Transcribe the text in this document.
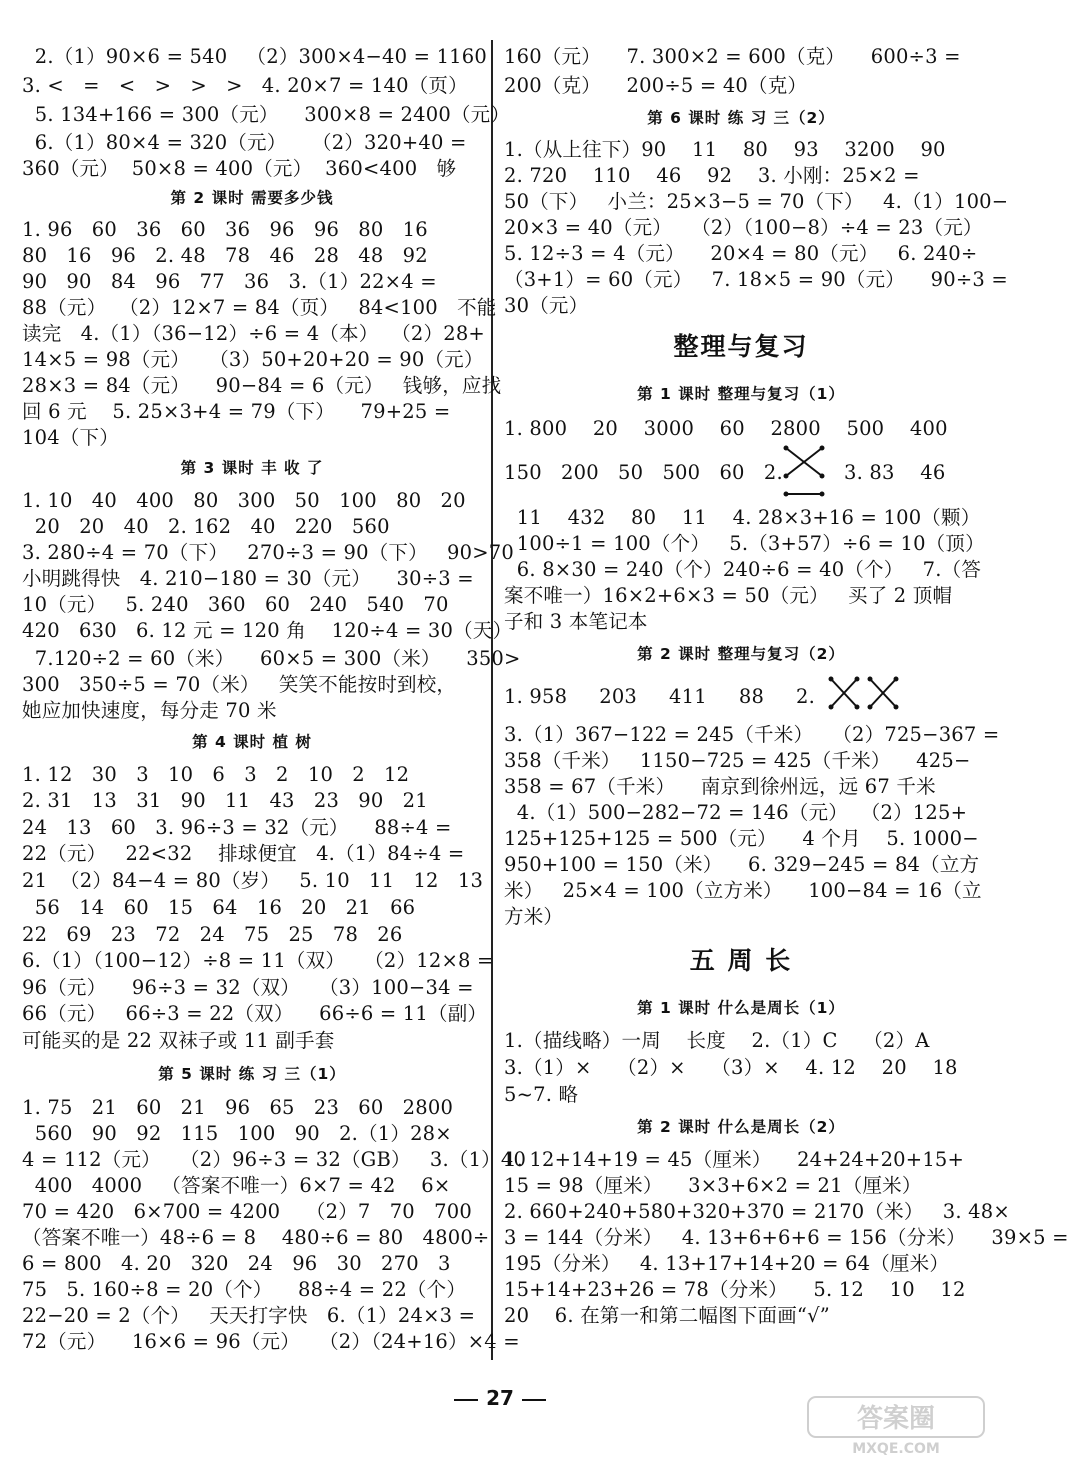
2.（1）90×6 = 540   （2）300×4−40 = 1160
3. <   =   <   >   >   >   4. 20×7 = 140（页）
5. 134+166 = 300（元）    300×8 = 2400（元）
6.（1）80×4 = 320（元）    （2）320+40 =
360（元）  50×8 = 400（元）  360<400   够
第 2 课时 需要多少钱
1. 96   60   36   60   36   96   96   80   16
80   16   96   2. 48   78   46   28   48   92
90   90   84   96   77   36   3.（1）22×4 =
88（元）  （2）12×7 = 84（页）   84<100   不能
读完   4.（1）（36−12）÷6 = 4（本）  （2）28+
14×5 = 98（元）   （3）50+20+20 = 90（元）
28×3 = 84（元）    90−84 = 6（元）   钱够，应找
回 6 元    5. 25×3+4 = 79（下）    79+25 =
104（下）
第 3 课时 丰 收 了
1. 10   40   400   80   300   50   100   80   20
20   20   40   2. 162   40   220   560
3. 280÷4 = 70（下）   270÷3 = 90（下）   90>70
小明跳得快   4. 210−180 = 30（元）    30÷3 =
10（元）   5. 240   360   60   240   540   70
420   630   6. 12 元 = 120 角    120÷4 = 30（天）
7.120÷2 = 60（米）    60×5 = 300（米）    350>
300   350÷5 = 70（米）   笑笑不能按时到校，
她应加快速度，每分走 70 米
第 4 课时 植 树
1. 12   30   3   10   6   3   2   10   2   12
2. 31   13   31   90   11   43   23   90   21
24   13   60   3. 96÷3 = 32（元）    88÷4 =
22（元）   22<32    排球便宜   4.（1）84÷4 =
21  （2）84−4 = 80（岁）   5. 10   11   12   13
56   14   60   15   64   16   20   21   66
22   69   23   72   24   75   25   78   26
6.（1）（100−12）÷8 = 11（双）   （2）12×8 =
96（元）    96÷3 = 32（双）   （3）100−34 =
66（元）   66÷3 = 22（双）    66÷6 = 11（副）
可能买的是 22 双袜子或 11 副手套
第 5 课时 练 习 三（1）
1. 75   21   60   21   96   65   23   60   2800
560   90   92   115   100   90   2.（1）28×
4 = 112（元）   （2）96÷3 = 32（GB）   3.（1）40
400   4000   （答案不唯一）6×7 = 42    6×
70 = 420   6×700 = 4200    （2）7   70   700
（答案不唯一）48÷6 = 8    480÷6 = 80   4800÷
6 = 800   4. 20   320   24   96   30   270   3
75   5. 160÷8 = 20（个）    88÷4 = 22（个）
22−20 = 2（个）   天天打字快   6.（1）24×3 =
72（元）    16×6 = 96（元）   （2）（24+16）×4 =
160（元）    7. 300×2 = 600（克）    600÷3 =
200（克）    200÷5 = 40（克）
第 6 课时 练 习 三（2）
1.（从上往下）90    11    80    93    3200    90
2. 720    110    46    92    3. 小刚：25×2 =
50（下）   小兰：25×3−5 = 70（下）   4.（1）100−
20×3 = 40（元）   （2）（100−8）÷4 = 23（元）
5. 12÷3 = 4（元）    20×4 = 80（元）   6. 240÷
（3+1）= 60（元）   7. 18×5 = 90（元）    90÷3 =
30（元）
整理与复习
第 1 课时 整理与复习（1）
1. 800    20    3000    60    2800    500    400
150   200   50   500   60   2.	3. 83    46
11    432    80    11    4. 28×3+16 = 100（颗）
100÷1 = 100（个）   5.（3+57）÷6 = 10（顶）
6. 8×30 = 240（个）240÷6 = 40（个）   7.（答
案不唯一）16×2+6×3 = 50（元）   买了 2 顶帽
子和 3 本笔记本
第 2 课时 整理与复习（2）
1. 958     203     411     88     2.
3.（1）367−122 = 245（千米）   （2）725−367 =
358（千米）   1150−725 = 425（千米）    425−
358 = 67（千米）    南京到徐州远，远 67 千米
4.（1）500−282−72 = 146（元）  （2）125+
125+125+125 = 500（元）    4 个月    5. 1000−
950+100 = 150（米）    6. 329−245 = 84（立方
米）   25×4 = 100（立方米）    100−84 = 16（立
方米）
五 周 长
第 1 课时 什么是周长（1）
1.（描线略）一周    长度    2.（1）C    （2）A
3.（1）×    （2）×    （3）×    4. 12    20    18
5~7. 略
第 2 课时 什么是周长（2）
1. 12+14+19 = 45（厘米）    24+24+20+15+
15 = 98（厘米）    3×3+6×2 = 21（厘米）
2. 660+240+580+320+370 = 2170（米）   3. 48×
3 = 144（分米）   4. 13+6+6+6 = 156（分米）    39×5 =
195（分米）   4. 13+17+14+20 = 64（厘米）
15+14+23+26 = 78（分米）    5. 12    10    12
20    6. 在第一和第二幅图下面画“√”
27
答案圈
MXQE.COM
